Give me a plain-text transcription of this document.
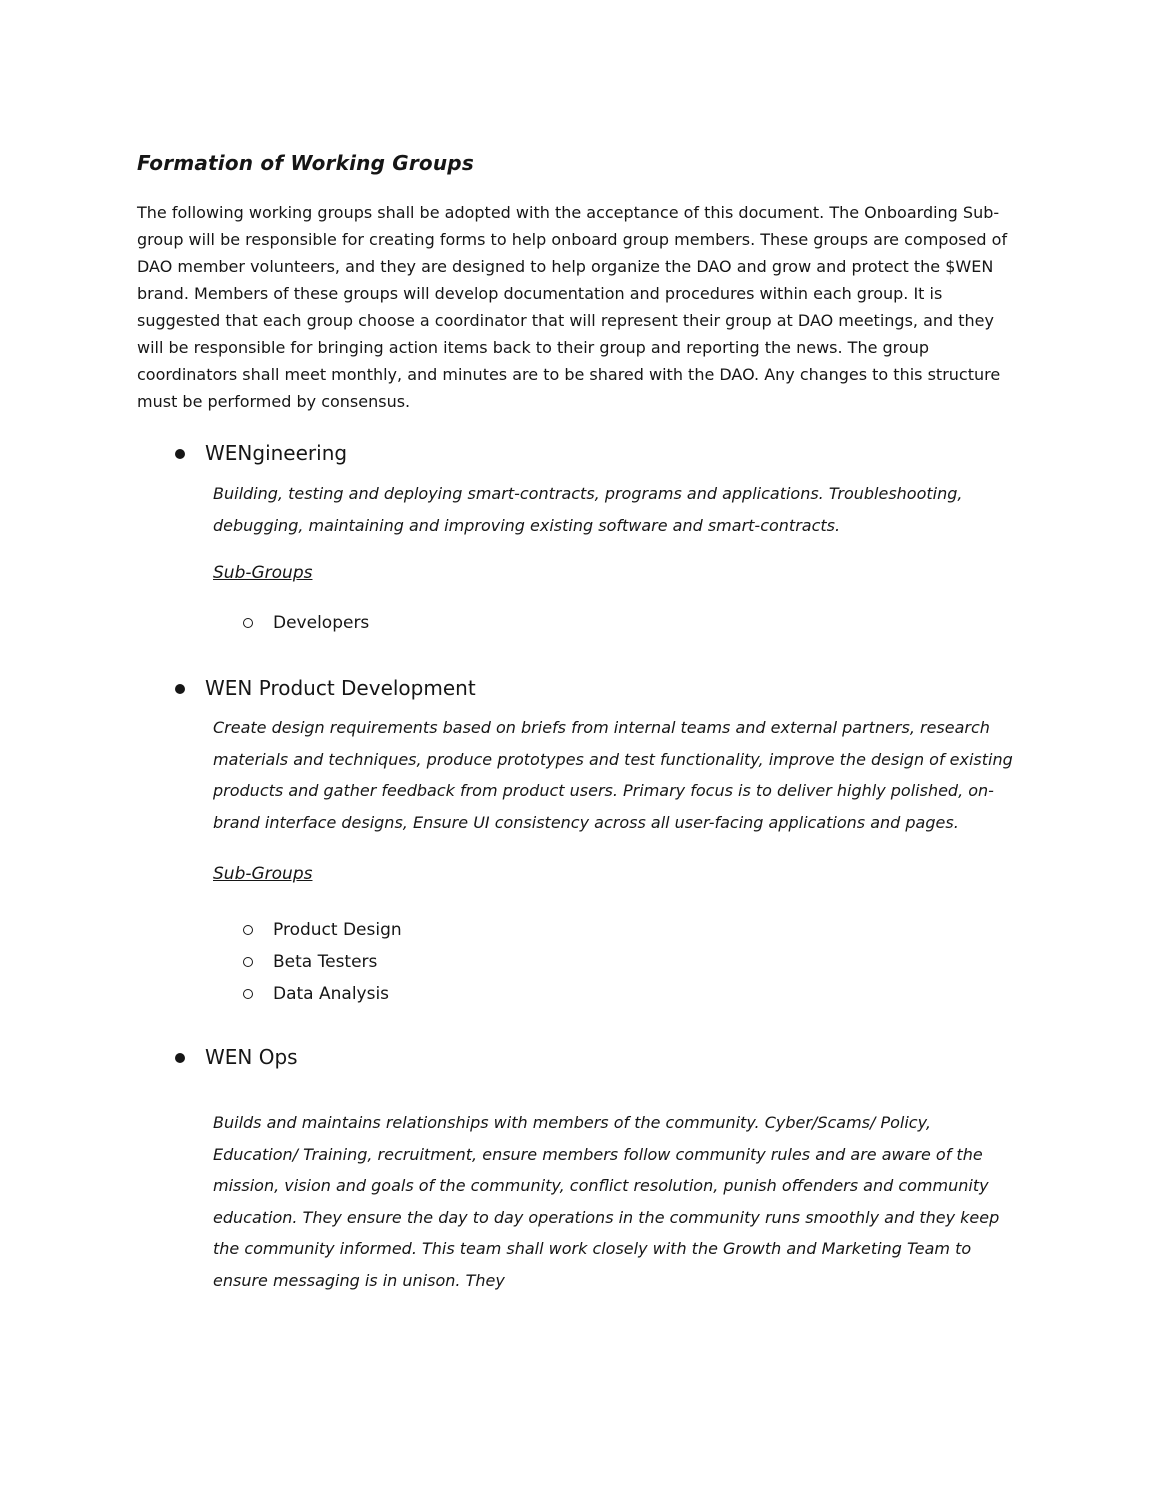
Formation of Working Groups

The following working groups shall be adopted with the acceptance of this document. The Onboarding Sub-group will be responsible for creating forms to help onboard group members. These groups are composed of DAO member volunteers, and they are designed to help organize the DAO and grow and protect the $WEN brand. Members of these groups will develop documentation and procedures within each group. It is suggested that each group choose a coordinator that will represent their group at DAO meetings, and they will be responsible for bringing action items back to their group and reporting the news. The group coordinators shall meet monthly, and minutes are to be shared with the DAO. Any changes to this structure must be performed by consensus.

WENgineering

Building, testing and deploying smart-contracts, programs and applications. Troubleshooting, debugging, maintaining and improving existing software and smart-contracts.

Sub-Groups

Developers
WEN Product Development

Create design requirements based on briefs from internal teams and external partners, research materials and techniques, produce prototypes and test functionality, improve the design of existing products and gather feedback from product users. Primary focus is to deliver highly polished, on-brand interface designs, Ensure UI consistency across all user-facing applications and pages.

Sub-Groups

Product Design
Beta Testers
Data Analysis
WEN Ops

Builds and maintains relationships with members of the community. Cyber/Scams/ Policy, Education/ Training, recruitment, ensure members follow community rules and are aware of the mission, vision and goals of the community, conflict resolution, punish offenders and community education. They ensure the day to day operations in the community runs smoothly and they keep the community informed. This team shall work closely with the Growth and Marketing Team to ensure messaging is in unison. They
